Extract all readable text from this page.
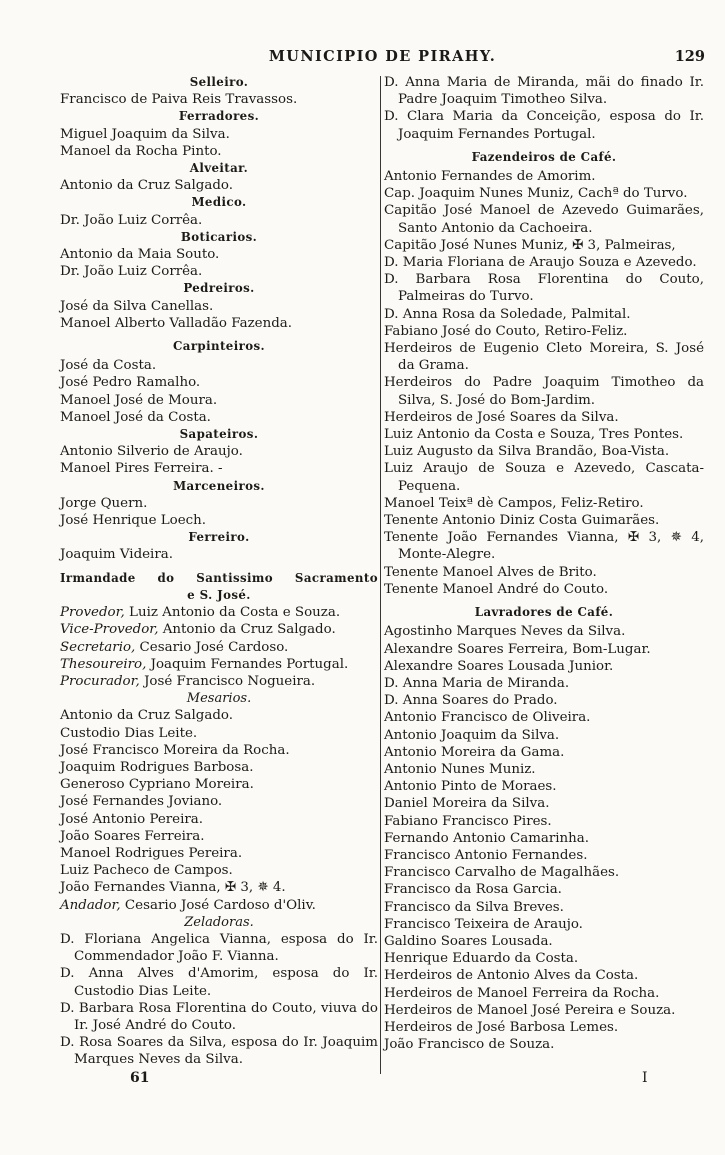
MUNICIPIO DE PIRAHY.	129
Selleiro.
Francisco de Paiva Reis Travassos.
Ferradores.
Miguel Joaquim da Silva.
Manoel da Rocha Pinto.
Alveitar.
Antonio da Cruz Salgado.
Medico.
Dr. João Luiz Corrêa.
Boticarios.
Antonio da Maia Souto.
Dr. João Luiz Corrêa.
Pedreiros.
José da Silva Canellas.
Manoel Alberto Valladão Fazenda.
Carpinteiros.
José da Costa.
José Pedro Ramalho.
Manoel José de Moura.
Manoel José da Costa.
Sapateiros.
Antonio Silverio de Araujo.
Manoel Pires Ferreira. -
Marceneiros.
Jorge Quern.
José Henrique Loech.
Ferreiro.
Joaquim Videira.
Irmandade do Santissimo Sacramento
e S. José.
Provedor, Luiz Antonio da Costa e Souza.
Vice-Provedor, Antonio da Cruz Salgado.
Secretario, Cesario José Cardoso.
Thesoureiro, Joaquim Fernandes Portugal.
Procurador, José Francisco Nogueira.
Mesarios.
Antonio da Cruz Salgado.
Custodio Dias Leite.
José Francisco Moreira da Rocha.
Joaquim Rodrigues Barbosa.
Generoso Cypriano Moreira.
José Fernandes Joviano.
José Antonio Pereira.
João Soares Ferreira.
Manoel Rodrigues Pereira.
Luiz Pacheco de Campos.
João Fernandes Vianna, ✠ 3, ✵ 4.
Andador, Cesario José Cardoso d'Oliv.
Zeladoras.
D. Floriana Angelica Vianna, esposa do Ir. Commendador João F. Vianna.
D. Anna Alves d'Amorim, esposa do Ir. Custodio Dias Leite.
D. Barbara Rosa Florentina do Couto, viuva do Ir. José André do Couto.
D. Rosa Soares da Silva, esposa do Ir. Joaquim Marques Neves da Silva.
D. Anna Maria de Miranda, mãi do finado Ir. Padre Joaquim Timotheo Silva.
D. Clara Maria da Conceição, esposa do Ir. Joaquim Fernandes Portugal.
Fazendeiros de Café.
Antonio Fernandes de Amorim.
Cap. Joaquim Nunes Muniz, Cachª do Turvo.
Capitão José Manoel de Azevedo Guimarães, Santo Antonio da Cachoeira.
Capitão José Nunes Muniz, ✠ 3, Palmeiras,
D. Maria Floriana de Araujo Souza e Azevedo.
D. Barbara Rosa Florentina do Couto, Palmeiras do Turvo.
D. Anna Rosa da Soledade, Palmital.
Fabiano José do Couto, Retiro-Feliz.
Herdeiros de Eugenio Cleto Moreira, S. José da Grama.
Herdeiros do Padre Joaquim Timotheo da Silva, S. José do Bom-Jardim.
Herdeiros de José Soares da Silva.
Luiz Antonio da Costa e Souza, Tres Pontes.
Luiz Augusto da Silva Brandão, Boa-Vista.
Luiz Araujo de Souza e Azevedo, Cascata-Pequena.
Manoel Teixª dè Campos, Feliz-Retiro.
Tenente Antonio Diniz Costa Guimarães.
Tenente João Fernandes Vianna, ✠ 3, ✵ 4, Monte-Alegre.
Tenente Manoel Alves de Brito.
Tenente Manoel André do Couto.
Lavradores de Café.
Agostinho Marques Neves da Silva.
Alexandre Soares Ferreira, Bom-Lugar.
Alexandre Soares Lousada Junior.
D. Anna Maria de Miranda.
D. Anna Soares do Prado.
Antonio Francisco de Oliveira.
Antonio Joaquim da Silva.
Antonio Moreira da Gama.
Antonio Nunes Muniz.
Antonio Pinto de Moraes.
Daniel Moreira da Silva.
Fabiano Francisco Pires.
Fernando Antonio Camarinha.
Francisco Antonio Fernandes.
Francisco Carvalho de Magalhães.
Francisco da Rosa Garcia.
Francisco da Silva Breves.
Francisco Teixeira de Araujo.
Galdino Soares Lousada.
Henrique Eduardo da Costa.
Herdeiros de Antonio Alves da Costa.
Herdeiros de Manoel Ferreira da Rocha.
Herdeiros de Manoel José Pereira e Souza.
Herdeiros de José Barbosa Lemes.
João Francisco de Souza.
61	I
